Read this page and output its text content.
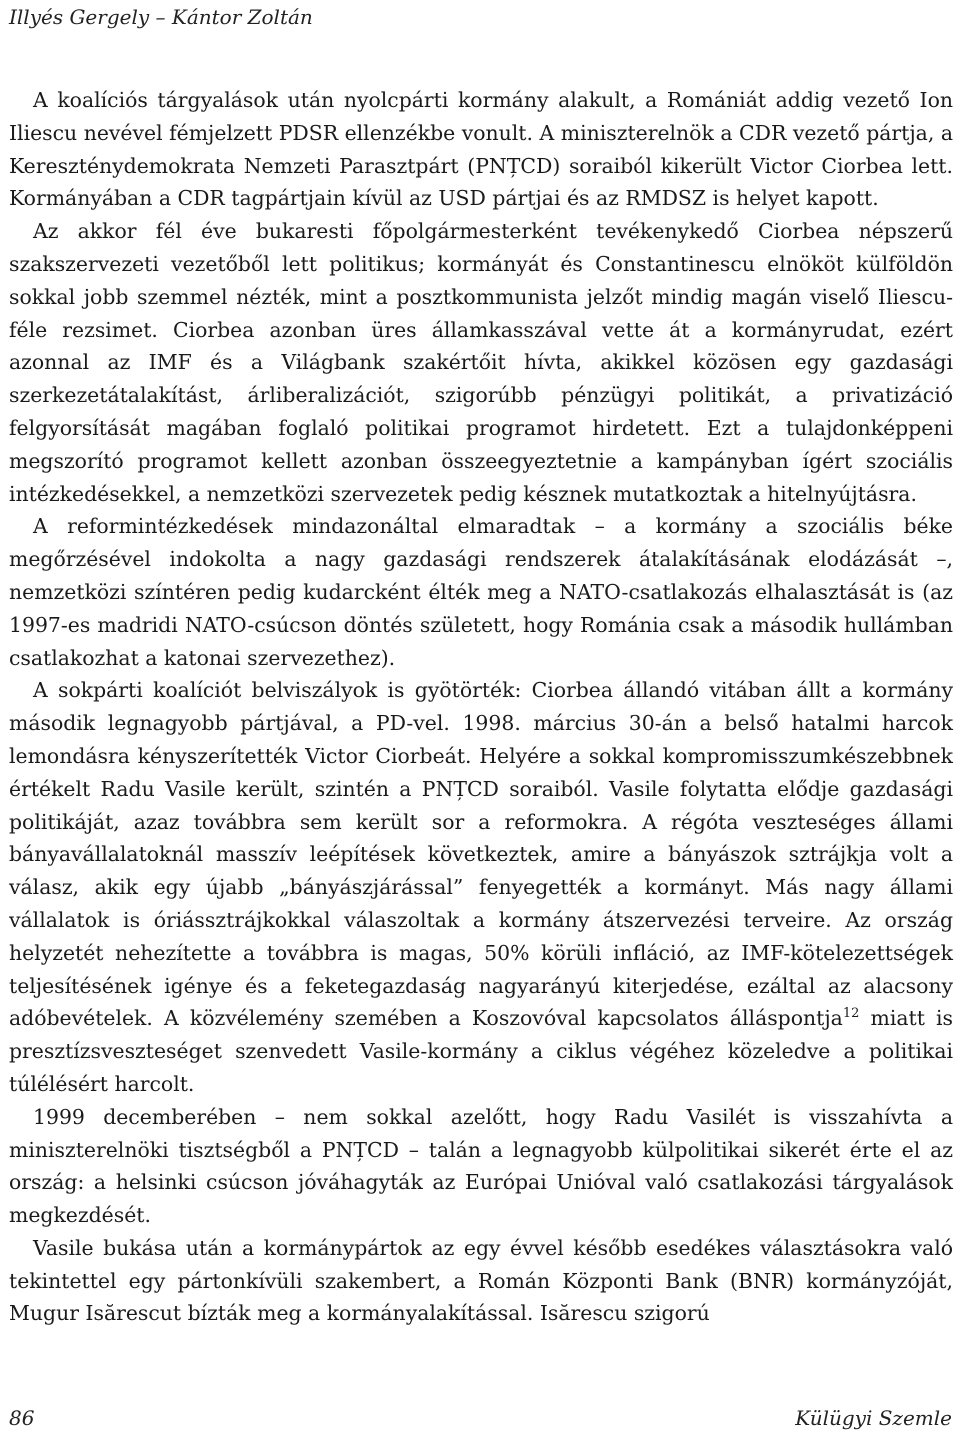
Illyés Gergely – Kántor Zoltán

A koalíciós tárgyalások után nyolcpárti kormány alakult, a Romániát addig vezető Ion Iliescu nevével fémjelzett PDSR ellenzékbe vonult. A miniszterelnök a CDR vezető pártja, a Kereszténydemokrata Nemzeti Parasztpárt (PNȚCD) soraiból kikerült Victor Ciorbea lett. Kormányában a CDR tagpártjain kívül az USD pártjai és az RMDSZ is helyet kapott.

Az akkor fél éve bukaresti főpolgármesterként tevékenykedő Ciorbea népszerű szakszervezeti vezetőből lett politikus; kormányát és Constantinescu elnököt külföldön sokkal jobb szemmel nézték, mint a posztkommunista jelzőt mindig magán viselő Iliescu-féle rezsimet. Ciorbea azonban üres államkasszával vette át a kormányrudat, ezért azonnal az IMF és a Világbank szakértőit hívta, akikkel közösen egy gazdasági szerkezetátalakítást, árliberalizációt, szigorúbb pénzügyi politikát, a privatizáció felgyorsítását magában foglaló politikai programot hirdetett. Ezt a tulajdonképpeni megszorító programot kellett azonban összeegyeztetnie a kampányban ígért szociális intézkedésekkel, a nemzetközi szervezetek pedig késznek mutatkoztak a hitelnyújtásra.

A reformintézkedések mindazonáltal elmaradtak – a kormány a szociális béke megőrzésével indokolta a nagy gazdasági rendszerek átalakításának elodázását –, nemzetközi színtéren pedig kudarcként élték meg a NATO-csatlakozás elhalasztását is (az 1997-es madridi NATO-csúcson döntés született, hogy Románia csak a második hullámban csatlakozhat a katonai szervezethez).

A sokpárti koalíciót belviszályok is gyötörték: Ciorbea állandó vitában állt a kormány második legnagyobb pártjával, a PD-vel. 1998. március 30-án a belső hatalmi harcok lemondásra kényszerítették Victor Ciorbeát. Helyére a sokkal kompromisszumkészebbnek értékelt Radu Vasile került, szintén a PNȚCD soraiból. Vasile folytatta elődje gazdasági politikáját, azaz továbbra sem került sor a reformokra. A régóta veszteséges állami bányavállalatoknál masszív leépítések következtek, amire a bányászok sztrájkja volt a válasz, akik egy újabb „bányászjárással” fenyegették a kormányt. Más nagy állami vállalatok is óriássztrájkokkal válaszoltak a kormány átszervezési terveire. Az ország helyzetét nehezítette a továbbra is magas, 50% körüli infláció, az IMF-kötelezettségek teljesítésének igénye és a feketegazdaság nagyarányú kiterjedése, ezáltal az alacsony adóbevételek. A közvélemény szemében a Koszovóval kapcsolatos álláspontja$^{12}$ miatt is presztízsveszteséget szenvedett Vasile-kormány a ciklus végéhez közeledve a politikai túlélésért harcolt.

1999 decemberében – nem sokkal azelőtt, hogy Radu Vasilét is visszahívta a miniszterelnöki tisztségből a PNȚCD – talán a legnagyobb külpolitikai sikerét érte el az ország: a helsinki csúcson jóváhagyták az Európai Unióval való csatlakozási tárgyalások megkezdését.

Vasile bukása után a kormánypártok az egy évvel később esedékes választásokra való tekintettel egy pártonkívüli szakembert, a Román Központi Bank (BNR) kormányzóját, Mugur Isărescut bízták meg a kormányalakítással. Isărescu szigorú

86	Külügyi Szemle
